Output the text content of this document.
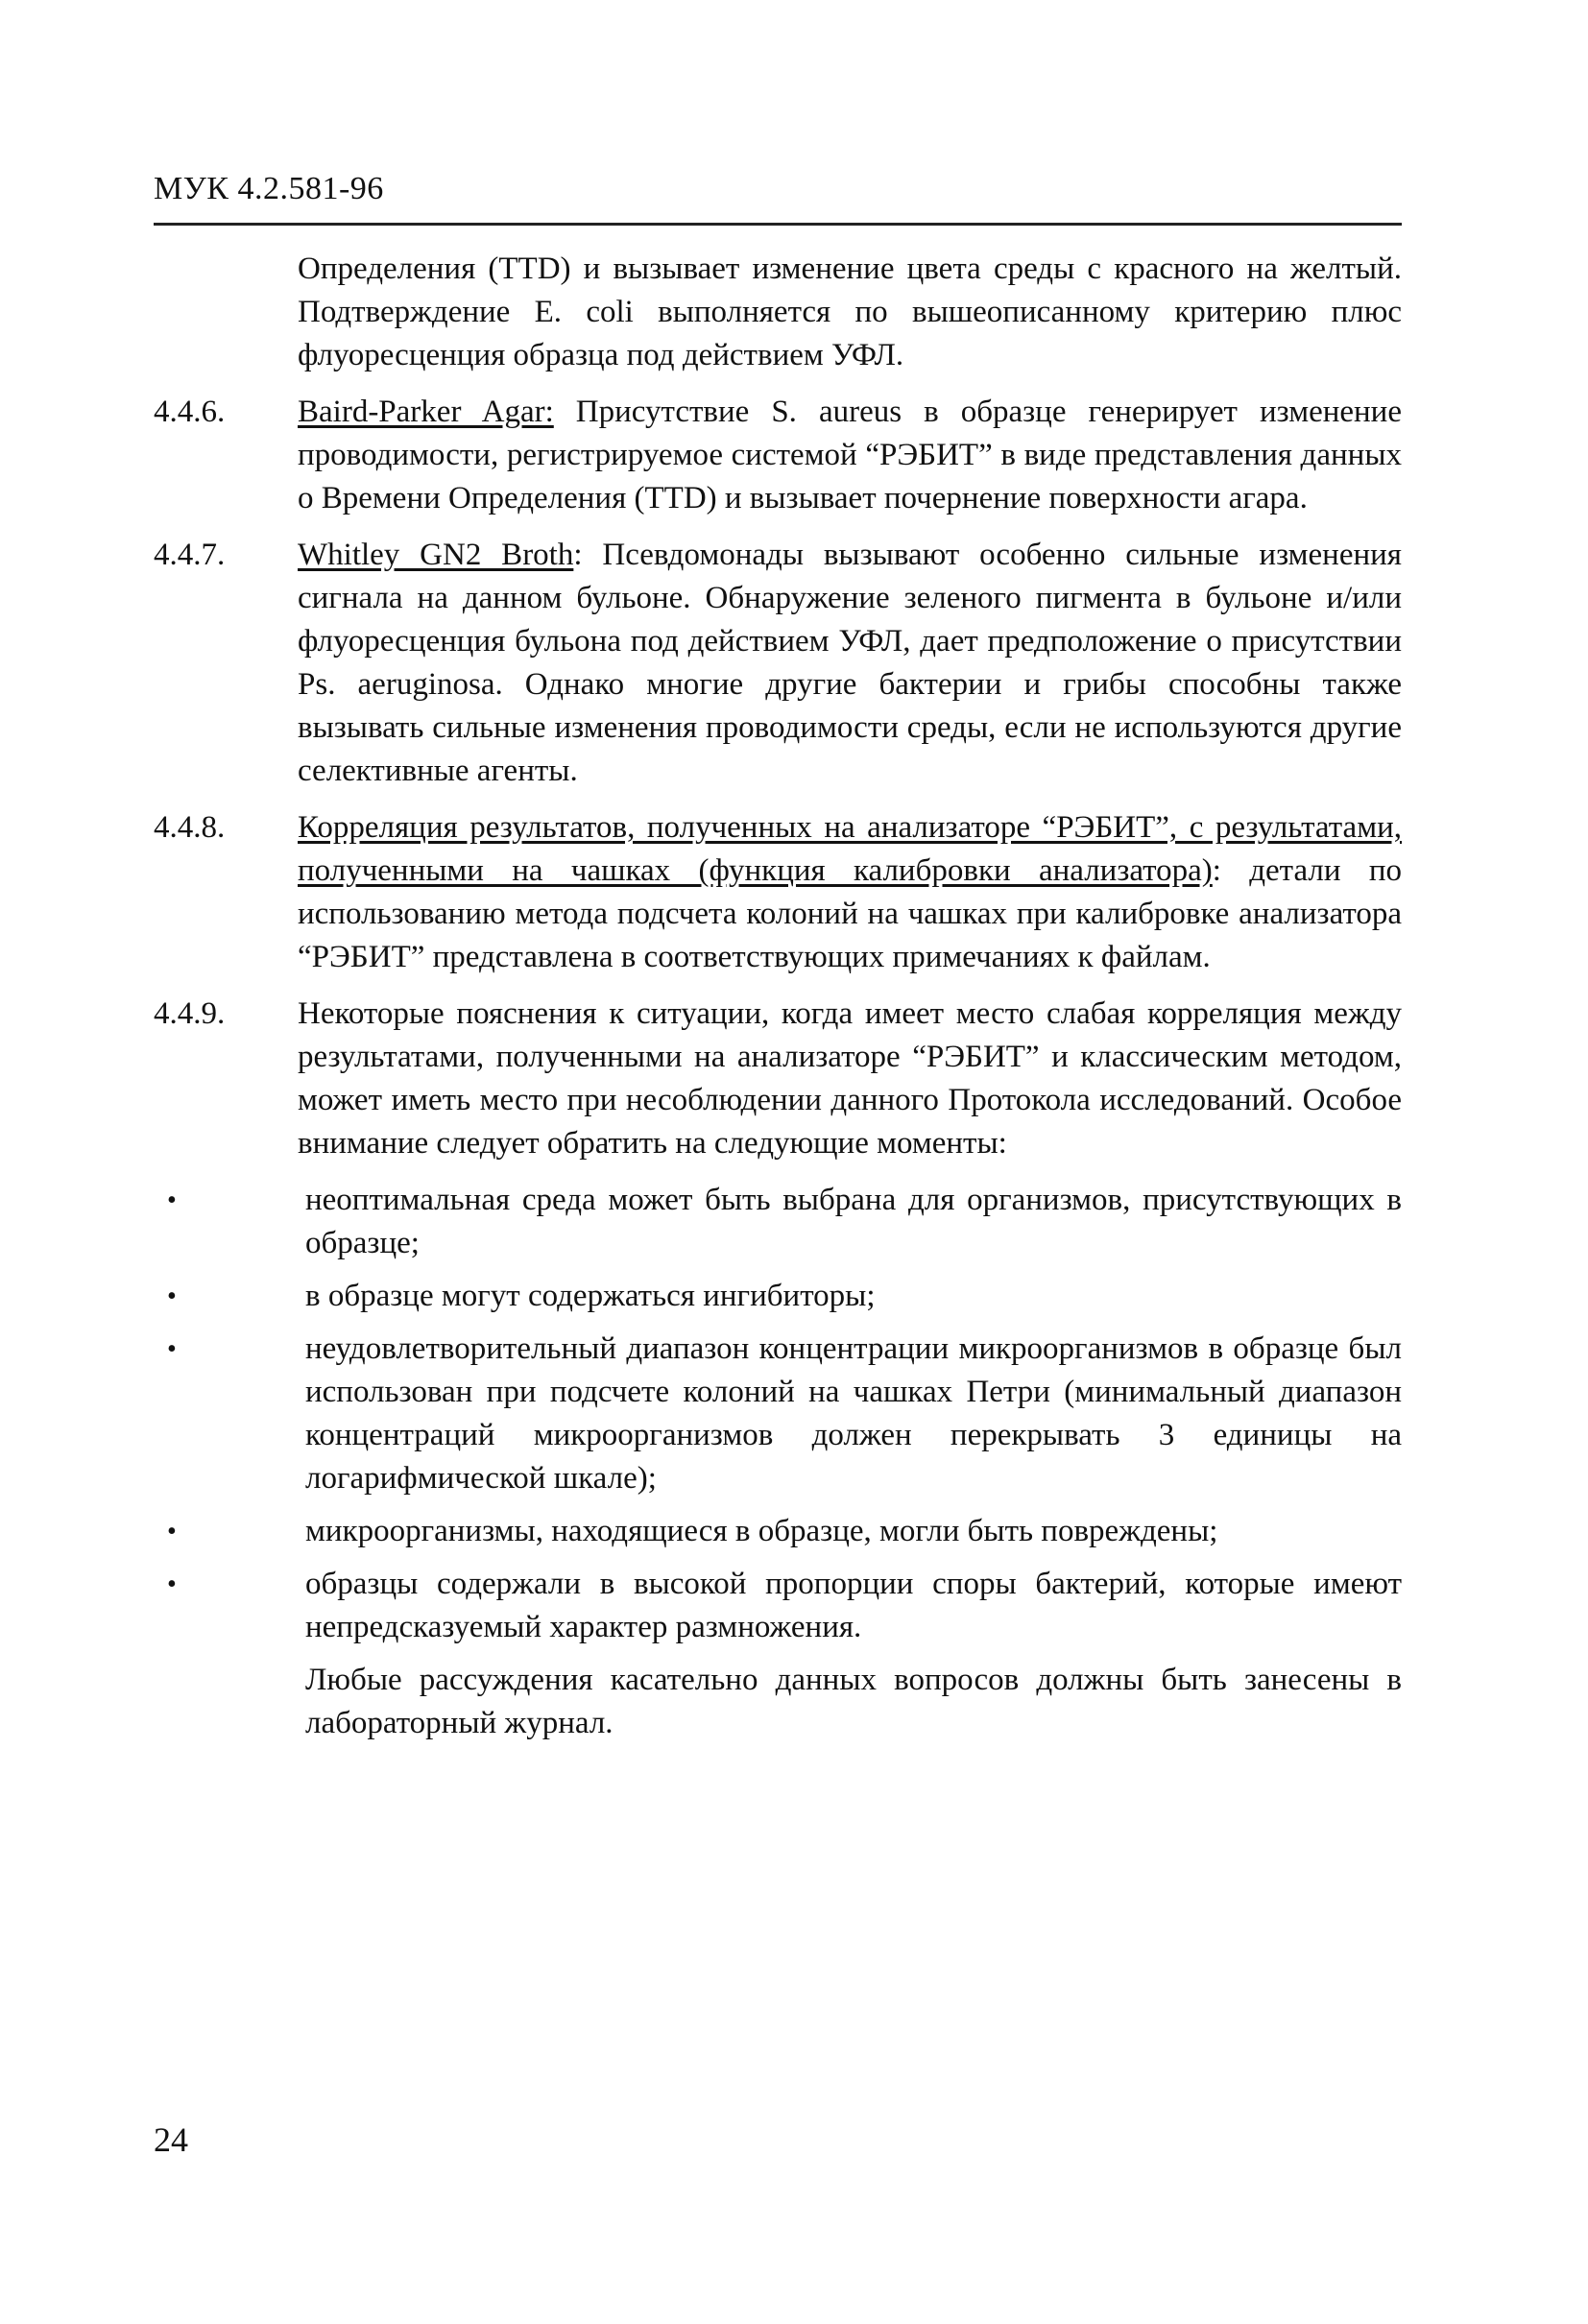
МУК 4.2.581-96
Определения (TTD) и вызывает изменение цвета среды с красного на желтый. Подтверждение E. coli выполняется по вышеописанному критерию плюс флуоресценция образца под действием УФЛ.
4.4.6.	Baird-Parker Agar: Присутствие S. aureus в образце генерирует изменение проводимости, регистрируемое системой “РЭБИТ” в виде представления данных о Времени Определения (TTD) и вызывает почернение поверхности агара.
4.4.7.	Whitley GN2 Broth: Псевдомонады вызывают особенно сильные изменения сигнала на данном бульоне. Обнаружение зеленого пигмента в бульоне и/или флуоресценция бульона под действием УФЛ, дает предположение о присутствии Ps. aeruginosa. Однако многие другие бактерии и грибы способны также вызывать сильные изменения проводимости среды, если не используются другие селективные агенты.
4.4.8.	Корреляция результатов, полученных на анализаторе “РЭБИТ”, с результатами, полученными на чашках (функция калибровки анализатора): детали по использованию метода подсчета колоний на чашках при калибровке анализатора “РЭБИТ” представлена в соответствующих примечаниях к файлам.
4.4.9.	Некоторые пояснения к ситуации, когда имеет место слабая корреляция между результатами, полученными на анализаторе “РЭБИТ” и классическим методом, может иметь место при несоблюдении данного Протокола исследований. Особое внимание следует обратить на следующие моменты:
•	неоптимальная среда может быть выбрана для организмов, присутствующих в образце;
•	в образце могут содержаться ингибиторы;
•	неудовлетворительный диапазон концентрации микроорганизмов в образце был использован при подсчете колоний на чашках Петри (минимальный диапазон концентраций микроорганизмов должен перекрывать 3 единицы на логарифмической шкале);
•	микроорганизмы, находящиеся в образце, могли быть повреждены;
•	образцы содержали в высокой пропорции споры бактерий, которые имеют непредсказуемый характер размножения.
Любые рассуждения касательно данных вопросов должны быть занесены в лабораторный журнал.
24
